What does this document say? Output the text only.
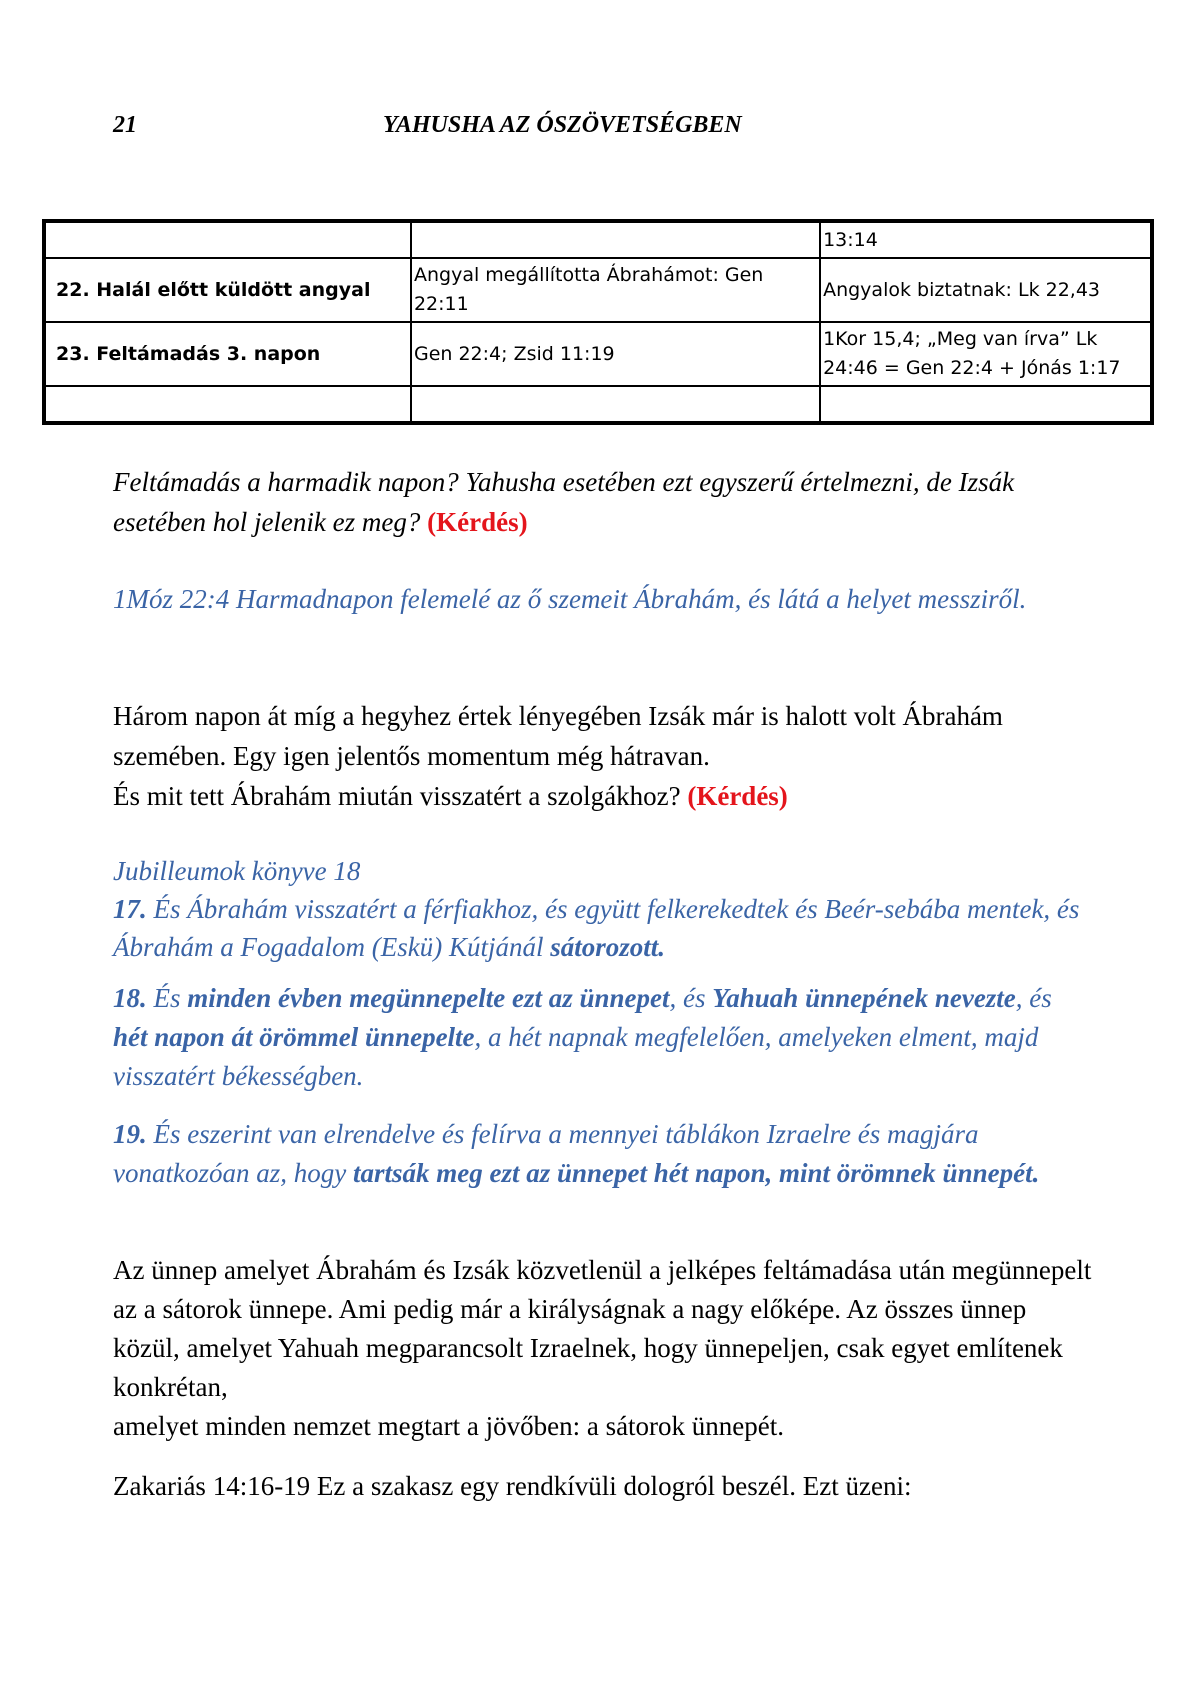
21	YAHUSHA AZ ÓSZÖVETSÉGBEN
		13:14
22. Halál előtt küldött angyal	Angyal megállította Ábrahámot: Gen 22:11	Angyalok biztatnak: Lk 22,43
23. Feltámadás 3. napon	Gen 22:4; Zsid 11:19	1Kor 15,4; „Meg van írva” Lk 24:46 = Gen 22:4 + Jónás 1:17

Feltámadás a harmadik napon? Yahusha esetében ezt egyszerű értelmezni, de Izsák esetében hol jelenik ez meg? (Kérdés)
1Móz 22:4 Harmadnapon felemelé az ő szemeit Ábrahám, és látá a helyet messziről.
Három napon át míg a hegyhez értek lényegében Izsák már is halott volt Ábrahám szemében. Egy igen jelentős momentum még hátravan.
És mit tett Ábrahám miután visszatért a szolgákhoz? (Kérdés)
Jubilleumok könyve 18
17. És Ábrahám visszatért a férfiakhoz, és együtt felkerekedtek és Beér-sebába mentek, és Ábrahám a Fogadalom (Eskü) Kútjánál sátorozott.
18. És minden évben megünnepelte ezt az ünnepet, és Yahuah ünnepének nevezte, és hét napon át örömmel ünnepelte, a hét napnak megfelelően, amelyeken elment, majd visszatért békességben.
19. És eszerint van elrendelve és felírva a mennyei táblákon Izraelre és magjára vonatkozóan az, hogy tartsák meg ezt az ünnepet hét napon, mint örömnek ünnepét.
Az ünnep amelyet Ábrahám és Izsák közvetlenül a jelképes feltámadása után megünnepelt az a sátorok ünnepe. Ami pedig már a királyságnak a nagy előképe. Az összes ünnep közül, amelyet Yahuah megparancsolt Izraelnek, hogy ünnepeljen, csak egyet említenek konkrétan,
amelyet minden nemzet megtart a jövőben: a sátorok ünnepét.
Zakariás 14:16-19 Ez a szakasz egy rendkívüli dologról beszél. Ezt üzeni:
